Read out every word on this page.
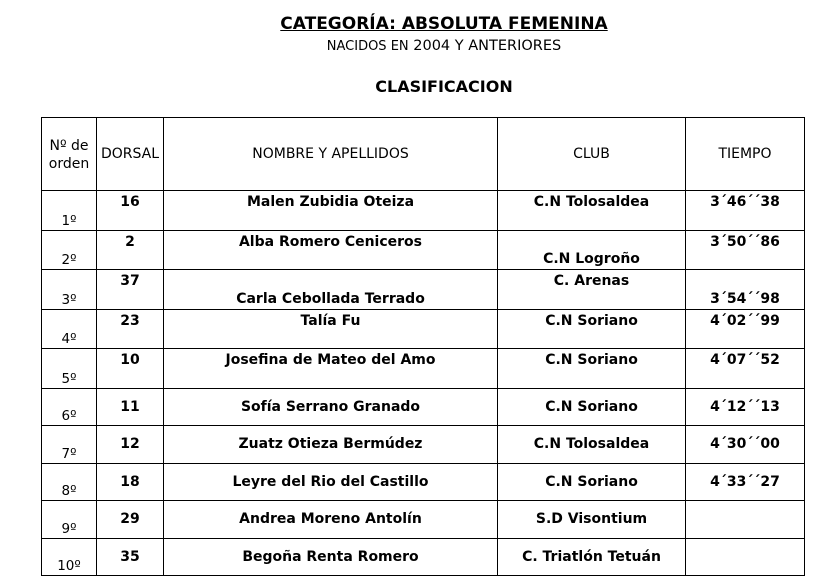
CATEGORÍA: ABSOLUTA FEMENINA
NACIDOS EN 2004 Y ANTERIORES
CLASIFICACION
Nº de
orden	DORSAL	NOMBRE Y APELLIDOS	CLUB	TIEMPO
1º	16	Malen Zubidia Oteiza	C.N Tolosaldea	3´46´´38
2º	2	Alba Romero Ceniceros	C.N Logroño	3´50´´86
3º	37	Carla Cebollada Terrado	C. Arenas	3´54´´98
4º	23	Talía Fu	C.N Soriano	4´02´´99
5º	10	Josefina de Mateo del Amo	C.N Soriano	4´07´´52
6º	11	Sofía Serrano Granado	C.N Soriano	4´12´´13
7º	12	Zuatz Otieza Bermúdez	C.N Tolosaldea	4´30´´00
8º	18	Leyre del Rio del Castillo	C.N Soriano	4´33´´27
9º	29	Andrea Moreno Antolín	S.D Visontium	
10º	35	Begoña Renta Romero	C. Triatlón Tetuán	
